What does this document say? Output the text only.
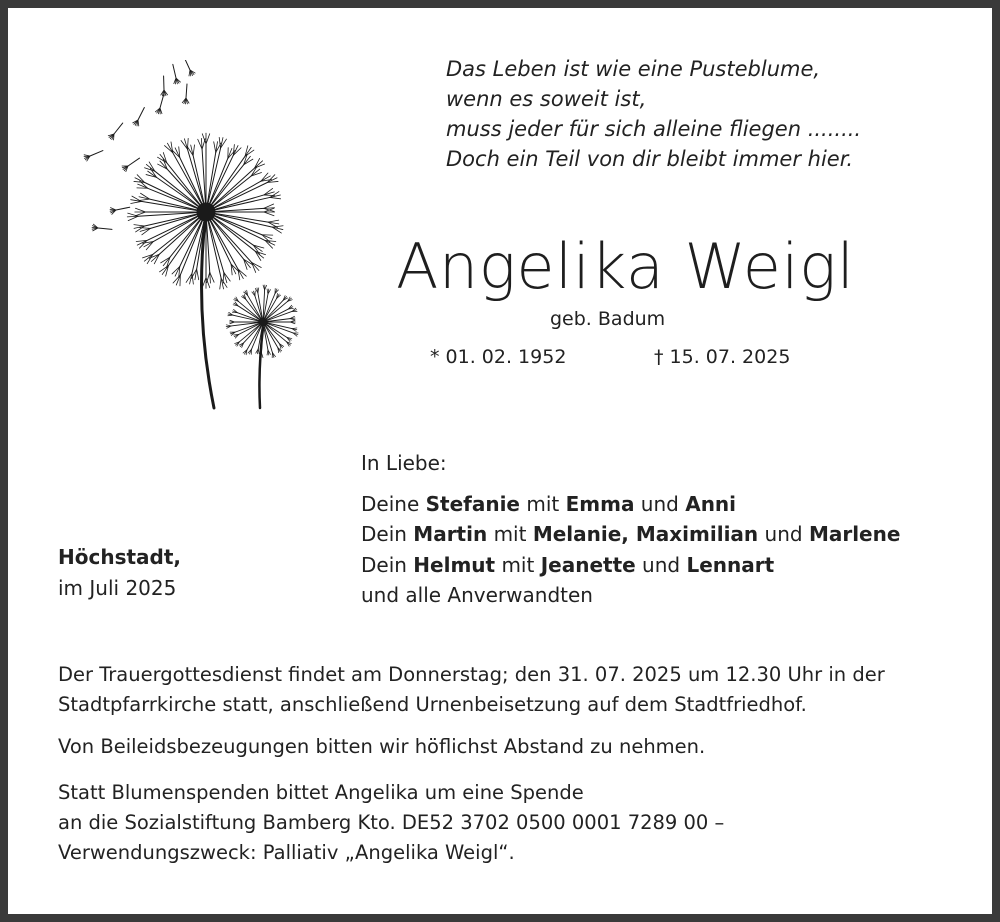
Das Leben ist wie eine Pusteblume,
wenn es soweit ist,
muss jeder für sich alleine fliegen ........
Doch ein Teil von dir bleibt immer hier.
Angelika Weigl
geb. Badum
* 01. 02. 1952	† 15. 07. 2025
In Liebe:
Deine Stefanie mit Emma und Anni
Dein Martin mit Melanie, Maximilian und Marlene
Dein Helmut mit Jeanette und Lennart
und alle Anverwandten
Höchstadt,
im Juli 2025
Der Trauergottesdienst findet am Donnerstag; den 31. 07. 2025 um 12.30 Uhr in der
Stadtpfarrkirche statt, anschließend Urnenbeisetzung auf dem Stadtfriedhof.
Von Beileidsbezeugungen bitten wir höflichst Abstand zu nehmen.
Statt Blumenspenden bittet Angelika um eine Spende
an die Sozialstiftung Bamberg Kto. DE52 3702 0500 0001 7289 00 –
Verwendungszweck: Palliativ „Angelika Weigl“.
